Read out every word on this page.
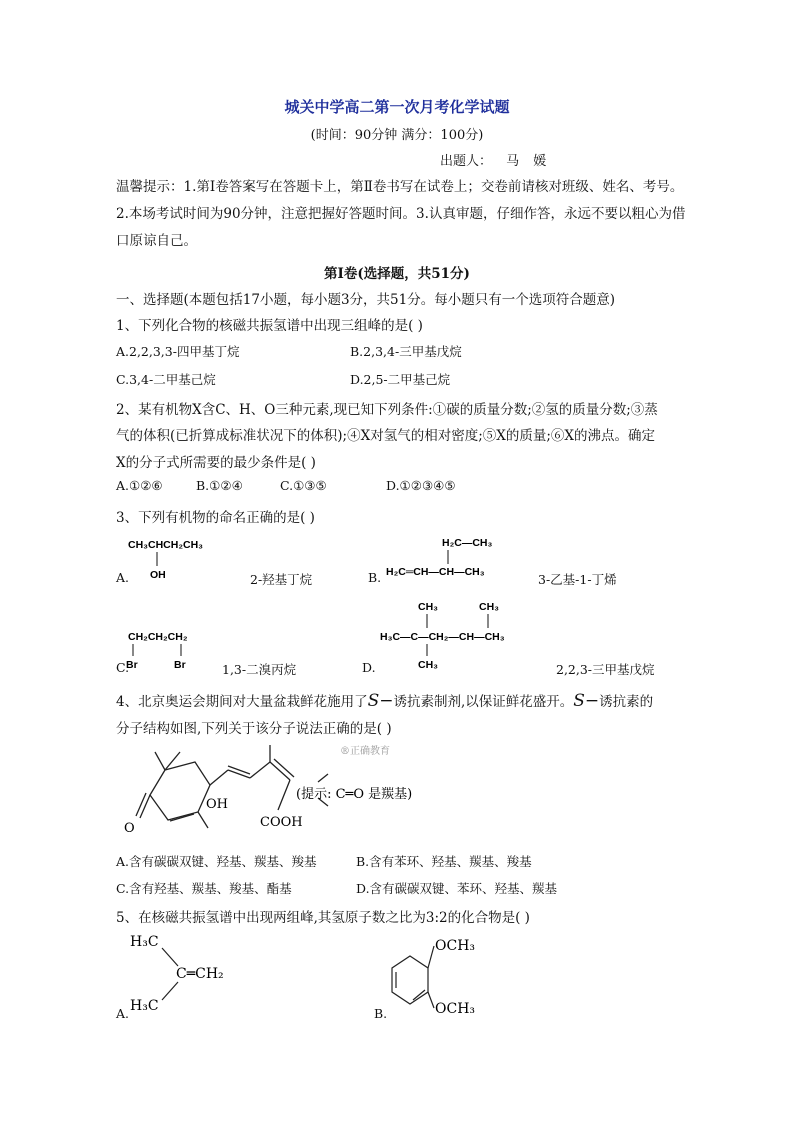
城关中学高二第一次月考化学试题
(时间：90分钟 满分：100分)
出题人： 马 媛
温馨提示：1.第Ⅰ卷答案写在答题卡上，第Ⅱ卷书写在试卷上；交卷前请核对班级、姓名、考号。2.本场考试时间为90分钟，注意把握好答题时间。3.认真审题，仔细作答，永远不要以粗心为借口原谅自己。
第Ⅰ卷(选择题，共51分)
一、选择题(本题包括17小题，每小题3分，共51分。每小题只有一个选项符合题意)
1、下列化合物的核磁共振氢谱中出现三组峰的是( )
A.2,2,3,3-四甲基丁烷	B.2,3,4-三甲基戊烷
C.3,4-二甲基己烷	D.2,5-二甲基己烷
2、某有机物X含C、H、O三种元素,现已知下列条件:①碳的质量分数;②氢的质量分数;③蒸
气的体积(已折算成标准状况下的体积);④X对氢气的相对密度;⑤X的质量;⑥X的沸点。确定
X的分子式所需要的最少条件是( )
A.①②⑥	B.①②④	C.①③⑤	D.①②③④⑤
3、下列有机物的命名正确的是( )
CH₃CHCH₂CH₃
OH
H₂C—CH₃
H₂C═CH—CH—CH₃
CH₂CH₂CH₂
Br	Br
CH₃	CH₃
H₃C—C—CH₂—CH—CH₃
CH₃
A.	2-羟基丁烷	B.	3-乙基-1-丁烯
C.	1,3-二溴丙烷	D.	2,2,3-三甲基戊烷
4、北京奥运会期间对大量盆栽鲜花施用了S−诱抗素制剂,以保证鲜花盛开。S−诱抗素的
分子结构如图,下列关于该分子说法正确的是( )
OH
O	COOH
(提示: C═O 是羰基)
®正确教育
A.含有碳碳双键、羟基、羰基、羧基	B.含有苯环、羟基、羰基、羧基
C.含有羟基、羰基、羧基、酯基	D.含有碳碳双键、苯环、羟基、羰基
5、在核磁共振氢谱中出现两组峰,其氢原子数之比为3:2的化合物是( )
H₃C
C═CH₂
H₃C
OCH₃
OCH₃
A.	B.
